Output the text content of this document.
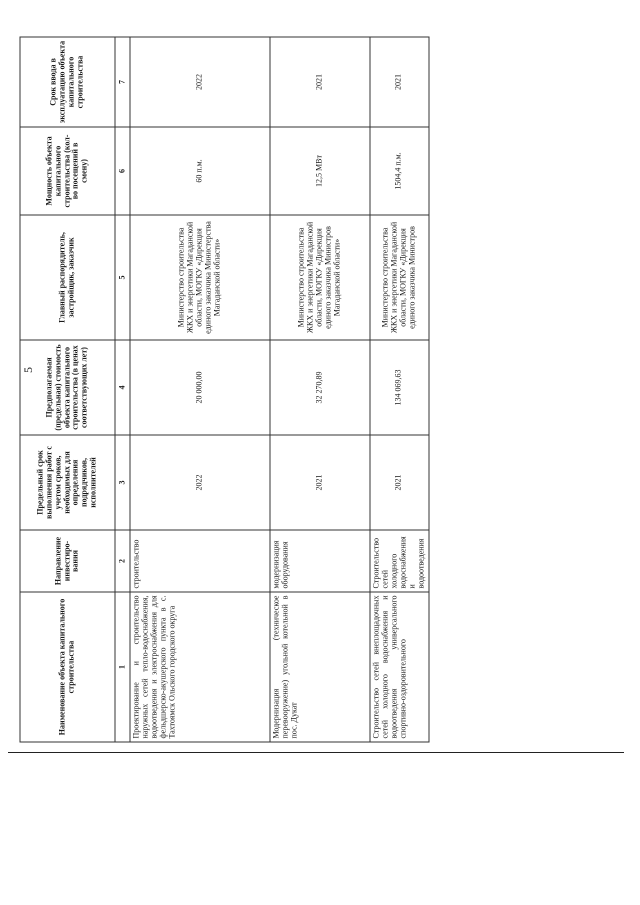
5
Наименование объекта капитального строительства	Направление инвестиро-вания	Предельный срок выполнения работ с учетом сроков, необходимых для определения подрядчиков, исполнителей	Предполагаемая (предельная) стоимость объекта капитального строительства (в ценах соответствующих лет)	Главный распорядитель, застройщик, заказчик	Мощность объекта капитального строительства (кол-во посещений в смену)	Срок ввода в эксплуатацию объекта капитального строительства
1	2	3	4	5	6	7
Проектирование и строительство наружных сетей тепло-водоснабжения, водоотведения и электроснабжения для фельдшерско-акушерского пункта в с. Тахтоямск Ольского городского округа	строительство	2022	20 000,00	Министерство строительства ЖКХ и энергетики Магаданской области, МОГКУ «Дирекция единого заказчика Министерства Магаданской области»	60 п.м.	2022
Модернизация (техническое перевооружение) угольной котельной в пос. Дукат	модернизация оборудования	2021	32 270,89	Министерство строительства ЖКХ и энергетики Магаданской области, МОГКУ «Дирекция единого заказчика Министров Магаданской области»	12,5 МВт	2021
Строительство сетей внеплощадочных сетей холодного водоснабжения и водоотведения универсального спортивно-оздоровительного	Строительство сетей холодного водоснабжения и водоотведения	2021	134 069,63	Министерство строительства ЖКХ и энергетики Магаданской области, МОГКУ «Дирекция единого заказчика Министров	1504,4 п.м.	2021
